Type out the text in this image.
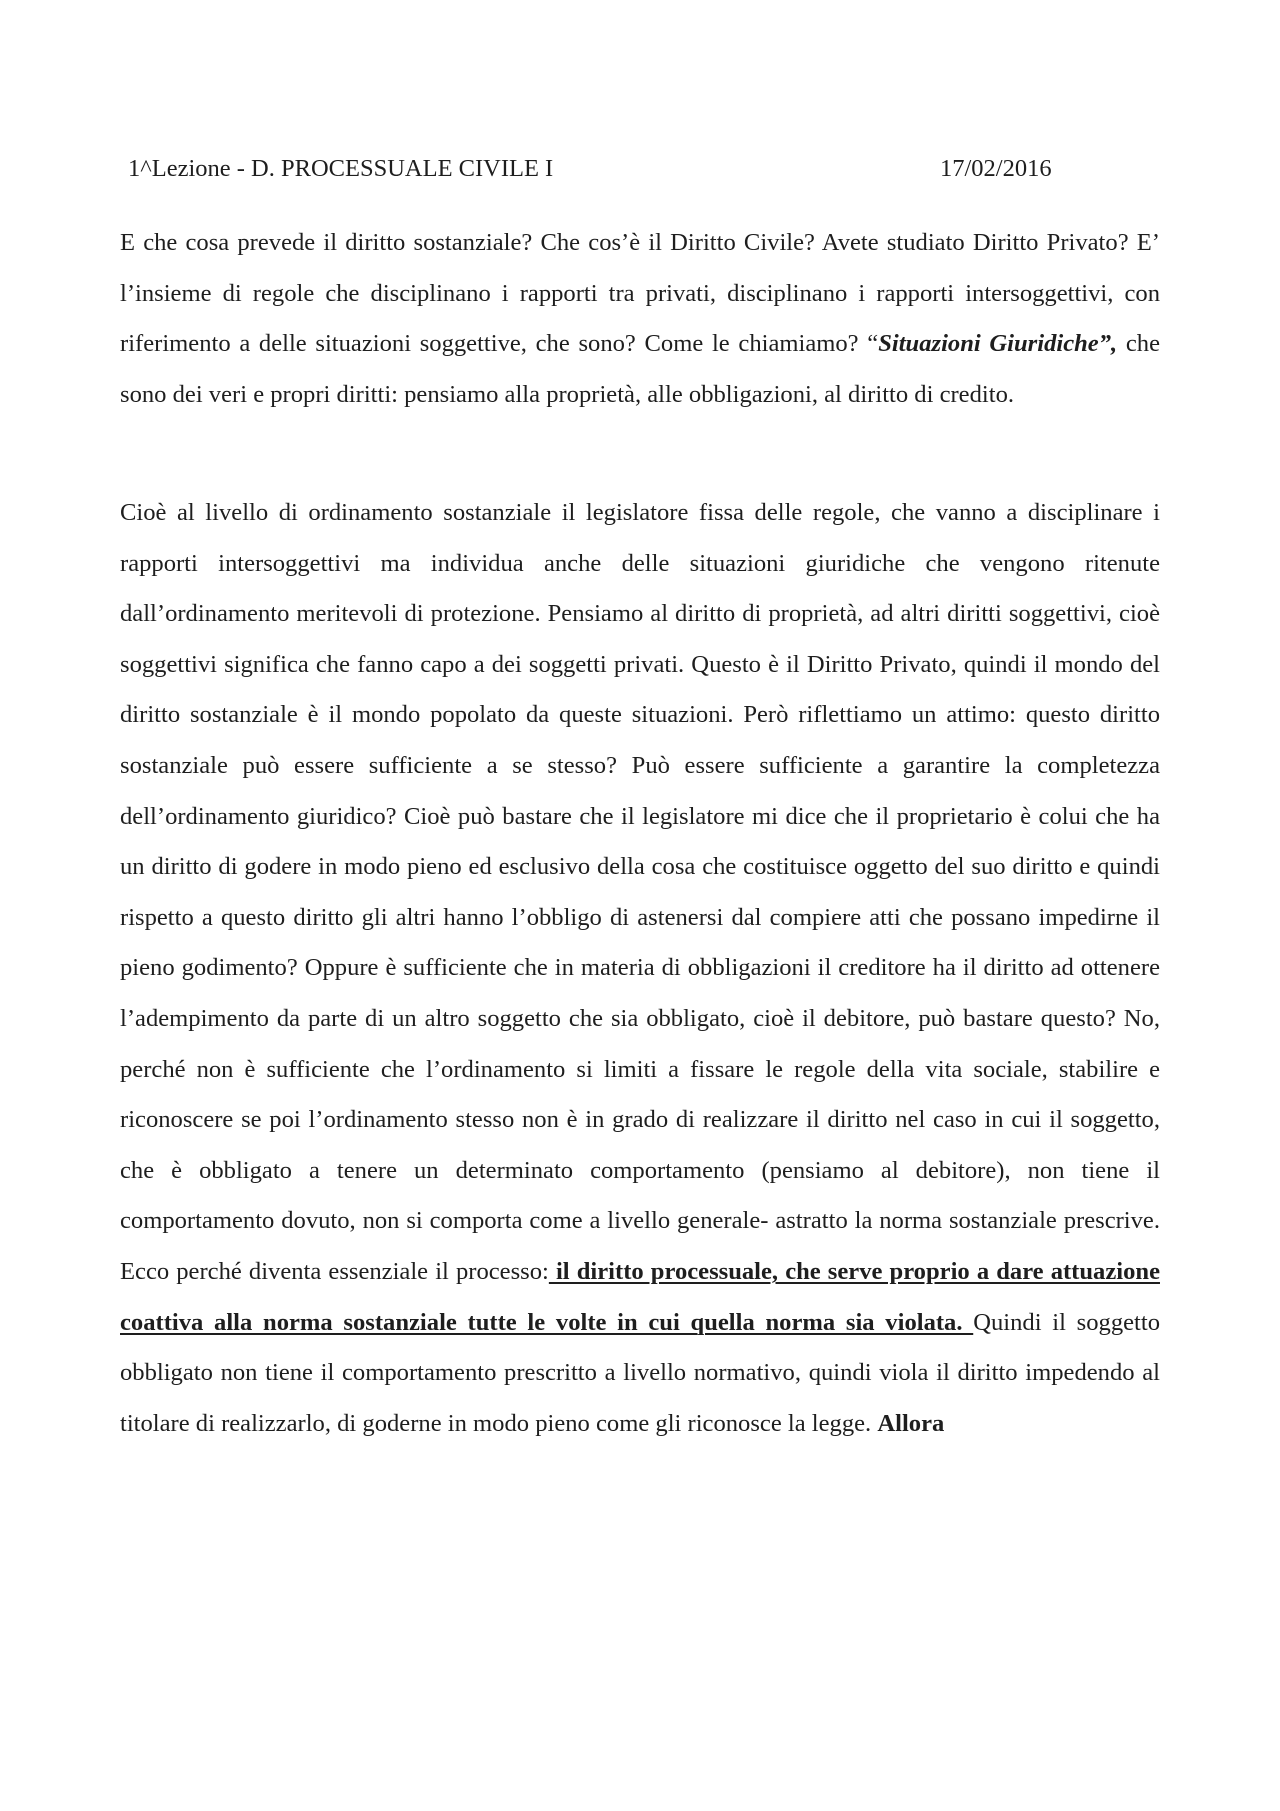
1^Lezione - D. PROCESSUALE CIVILE I	17/02/2016

E che cosa prevede il diritto sostanziale? Che cos’è il Diritto Civile? Avete studiato Diritto Privato? E’ l’insieme di regole che disciplinano i rapporti tra privati, disciplinano i rapporti intersoggettivi, con riferimento a delle situazioni soggettive, che sono? Come le chiamiamo? “Situazioni Giuridiche”, che sono dei veri e propri diritti: pensiamo alla proprietà, alle obbligazioni, al diritto di credito.

Cioè al livello di ordinamento sostanziale il legislatore fissa delle regole, che vanno a disciplinare i rapporti intersoggettivi ma individua anche delle situazioni giuridiche che vengono ritenute dall’ordinamento meritevoli di protezione. Pensiamo al diritto di proprietà, ad altri diritti soggettivi, cioè soggettivi significa che fanno capo a dei soggetti privati. Questo è il Diritto Privato, quindi il mondo del diritto sostanziale è il mondo popolato da queste situazioni. Però riflettiamo un attimo: questo diritto sostanziale può essere sufficiente a se stesso? Può essere sufficiente a garantire la completezza dell’ordinamento giuridico? Cioè può bastare che il legislatore mi dice che il proprietario è colui che ha un diritto di godere in modo pieno ed esclusivo della cosa che costituisce oggetto del suo diritto e quindi rispetto a questo diritto gli altri hanno l’obbligo di astenersi dal compiere atti che possano impedirne il pieno godimento? Oppure è sufficiente che in materia di obbligazioni il creditore ha il diritto ad ottenere l’adempimento da parte di un altro soggetto che sia obbligato, cioè il debitore, può bastare questo? No, perché non è sufficiente che l’ordinamento si limiti a fissare le regole della vita sociale, stabilire e riconoscere se poi l’ordinamento stesso non è in grado di realizzare il diritto nel caso in cui il soggetto, che è obbligato a tenere un determinato comportamento (pensiamo al debitore), non tiene il comportamento dovuto, non si comporta come a livello generale- astratto la norma sostanziale prescrive. Ecco perché diventa essenziale il processo: il diritto processuale, che serve proprio a dare attuazione coattiva alla norma sostanziale tutte le volte in cui quella norma sia violata. Quindi il soggetto obbligato non tiene il comportamento prescritto a livello normativo, quindi viola il diritto impedendo al titolare di realizzarlo, di goderne in modo pieno come gli riconosce la legge. Allora
